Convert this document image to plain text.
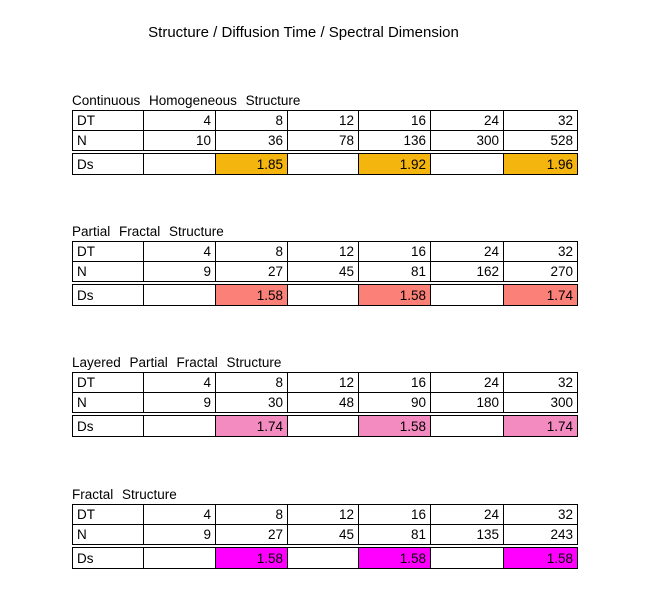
Structure / Diffusion Time / Spectral Dimension
Continuous Homogeneous Structure
DT	4	8	12	16	24	32
N	10	36	78	136	300	528
Ds		1.85		1.92		1.96
Partial Fractal Structure
DT	4	8	12	16	24	32
N	9	27	45	81	162	270
Ds		1.58		1.58		1.74
Layered Partial Fractal Structure
DT	4	8	12	16	24	32
N	9	30	48	90	180	300
Ds		1.74		1.58		1.74
Fractal Structure
DT	4	8	12	16	24	32
N	9	27	45	81	135	243
Ds		1.58		1.58		1.58
